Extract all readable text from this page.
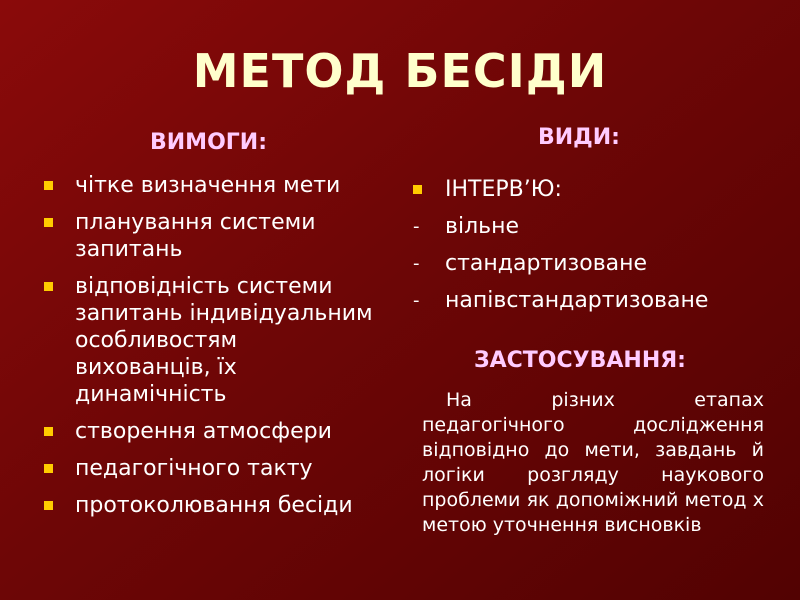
МЕТОД БЕСІДИ
ВИМОГИ:
чітке визначення мети
планування системи запитань
відповідність системи запитань індивідуальним особливостям вихованців, їх динамічність
створення атмосфери
педагогічного такту
протоколювання бесіди
ВИДИ:
ІНТЕРВ’Ю:
- вільне
- стандартизоване
- напівстандартизоване
ЗАСТОСУВАННЯ:
На різних етапах педагогічного дослідження відповідно до мети, завдань й логіки розгляду наукового проблеми як допоміжний метод х метою уточнення висновків
